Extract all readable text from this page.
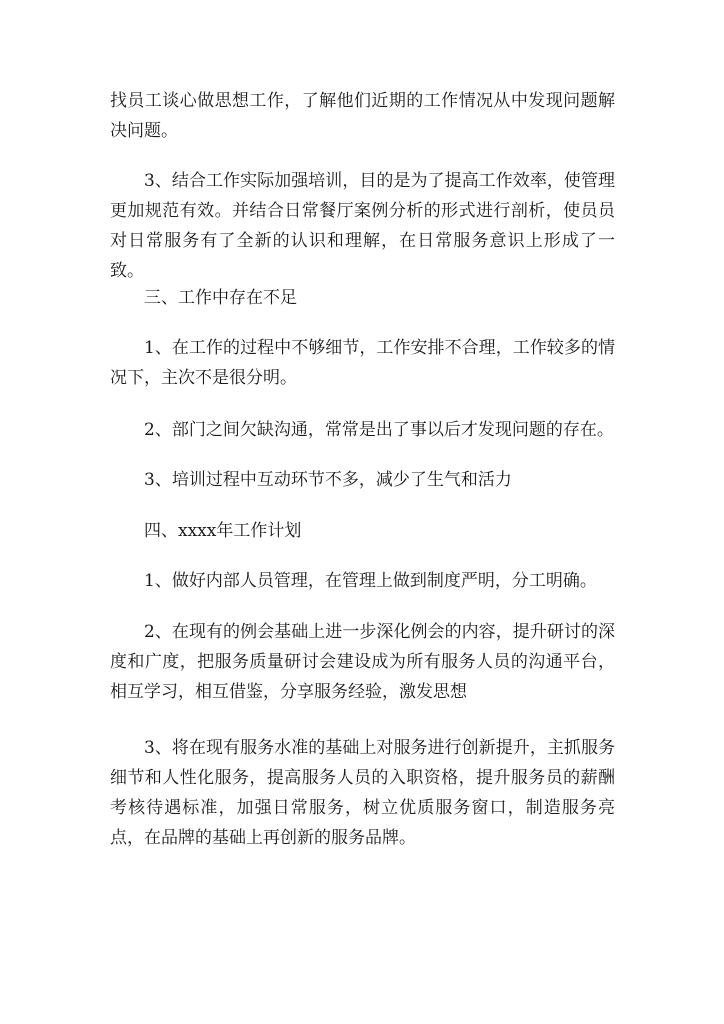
找员工谈心做思想工作，了解他们近期的工作情况从中发现问题解决问题。

3、结合工作实际加强培训，目的是为了提高工作效率，使管理更加规范有效。并结合日常餐厅案例分析的形式进行剖析，使员员对日常服务有了全新的认识和理解，在日常服务意识上形成了一致。

三、工作中存在不足

1、在工作的过程中不够细节，工作安排不合理，工作较多的情况下，主次不是很分明。

2、部门之间欠缺沟通，常常是出了事以后才发现问题的存在。

3、培训过程中互动环节不多，减少了生气和活力

四、xxxx年工作计划

1、做好内部人员管理，在管理上做到制度严明，分工明确。

2、在现有的例会基础上进一步深化例会的内容，提升研讨的深度和广度，把服务质量研讨会建设成为所有服务人员的沟通平台，相互学习，相互借鉴，分享服务经验，激发思想

3、将在现有服务水准的基础上对服务进行创新提升，主抓服务细节和人性化服务，提高服务人员的入职资格，提升服务员的薪酬考核待遇标准，加强日常服务，树立优质服务窗口，制造服务亮点，在品牌的基础上再创新的服务品牌。
